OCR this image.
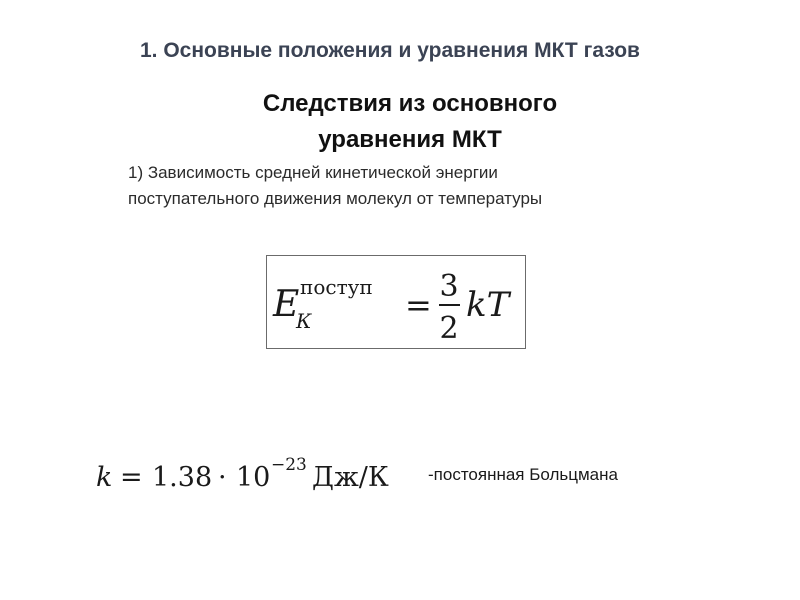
1. Основные положения и уравнения МКТ газов
Следствия из основного уравнения МКТ

1) Зависимость средней кинетической энергии поступательного движения молекул от температуры

E
К
поступ = 3
2
kT
k = 1.38 · 10 −23 Дж/К -постоянная Больцмана
